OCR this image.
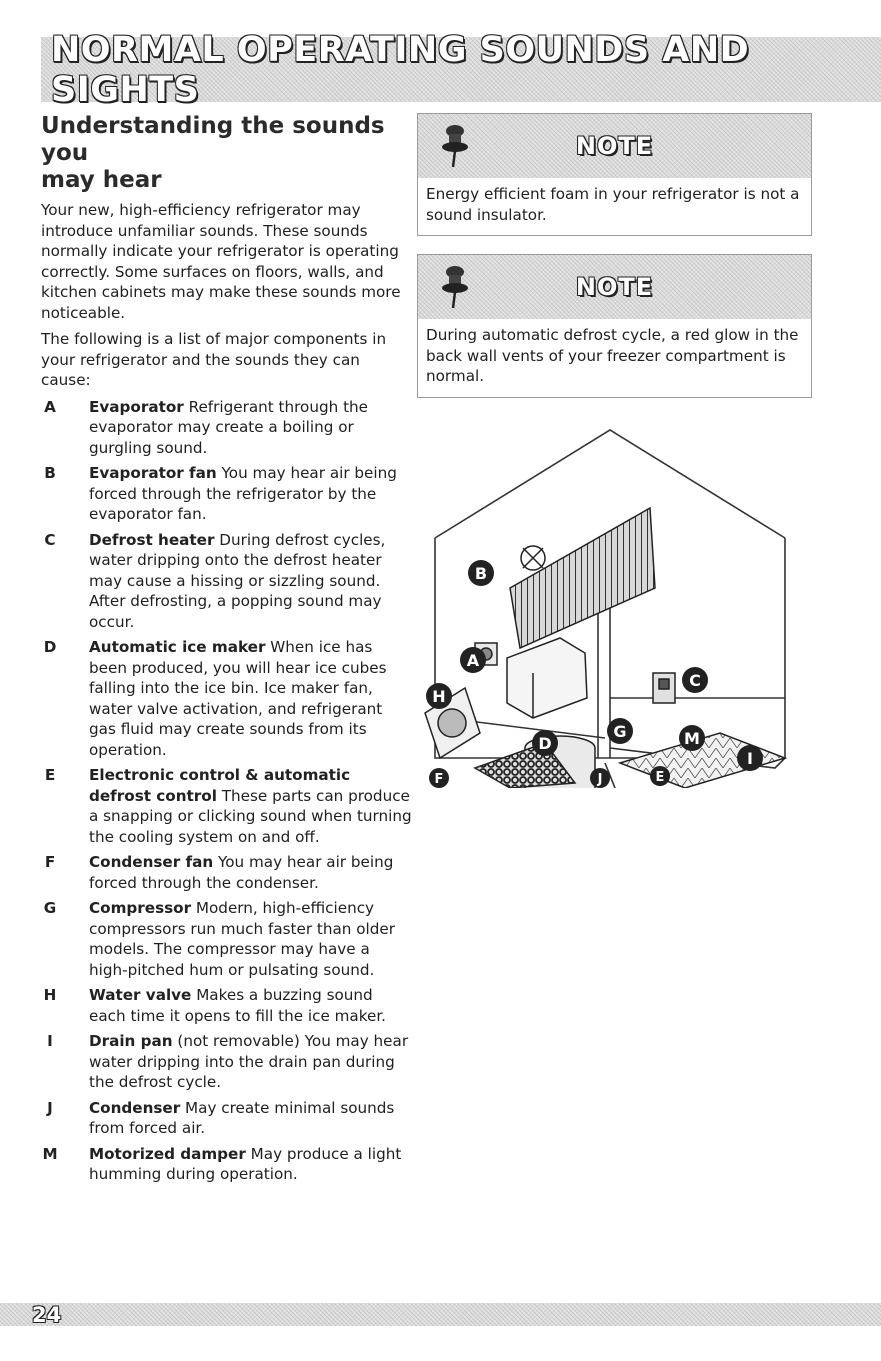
NORMAL OPERATING SOUNDS AND SIGHTS
Understanding the sounds you
may hear

Your new, high-efficiency refrigerator may introduce unfamiliar sounds. These sounds normally indicate your refrigerator is operating correctly. Some surfaces on floors, walls, and kitchen cabinets may make these sounds more noticeable.

The following is a list of major components in your refrigerator and the sounds they can cause:

A Evaporator Refrigerant through the evaporator may create a boiling or gurgling sound.
B Evaporator fan You may hear air being forced through the refrigerator by the evaporator fan.
C Defrost heater During defrost cycles, water dripping onto the defrost heater may cause a hissing or sizzling sound. After defrosting, a popping sound may occur.
D Automatic ice maker When ice has been produced, you will hear ice cubes falling into the ice bin. Ice maker fan, water valve activation, and refrigerant gas fluid may create sounds from its operation.
E Electronic control & automatic defrost control These parts can produce a snapping or clicking sound when turning the cooling system on and off.
F Condenser fan You may hear air being forced through the condenser.
G Compressor Modern, high-efficiency compressors run much faster than older models. The compressor may have a high-pitched hum or pulsating sound.
H Water valve Makes a buzzing sound each time it opens to fill the ice maker.
I	Drain pan (not removable) You may hear water dripping into the drain pan during the defrost cycle.
J	Condenser May create minimal sounds from forced air.
M Motorized damper May produce a light humming during operation.
NOTE
Energy efficient foam in your refrigerator is not a sound insulator.
NOTE
During automatic defrost cycle, a red glow in the back wall vents of your freezer compartment is normal.
B
A
C
H
D
G	M
I
F	E
J
24
